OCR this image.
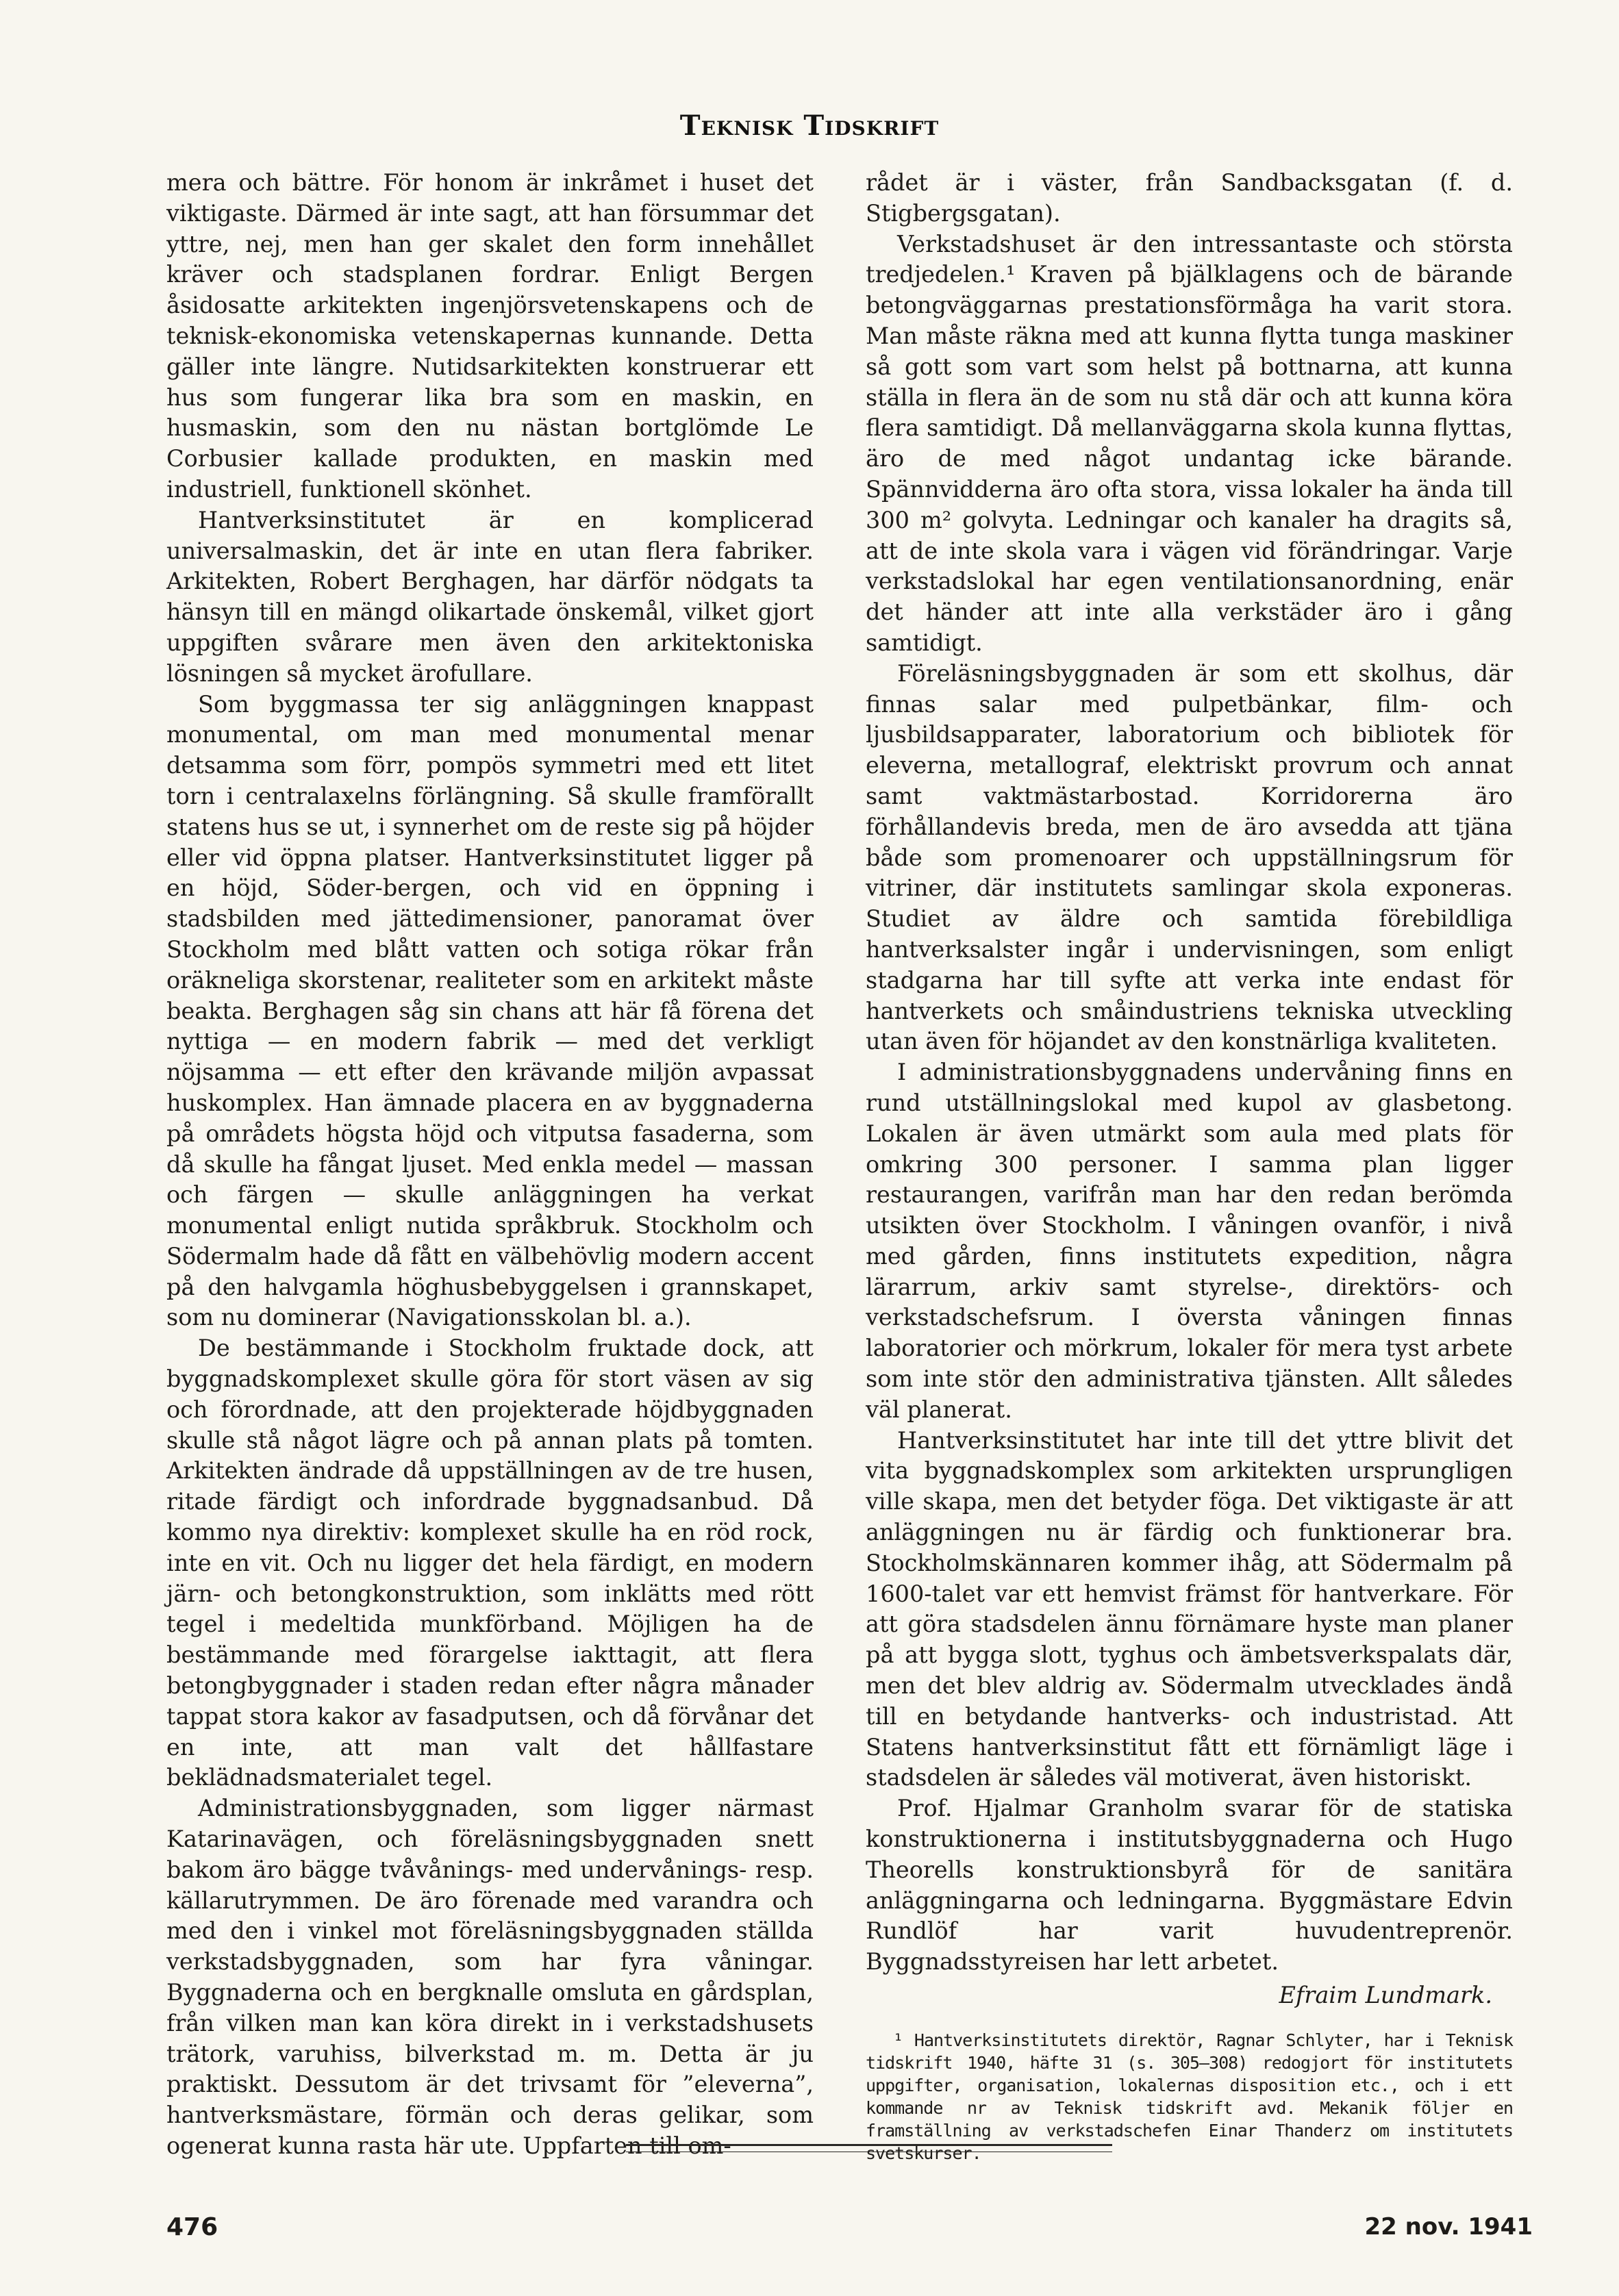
Teknisk Tidskrift

mera och bättre. För honom är inkråmet i huset det viktigaste. Därmed är inte sagt, att han försummar det yttre, nej, men han ger skalet den form innehållet kräver och stadsplanen fordrar. Enligt Bergen åsidosatte arkitekten ingenjörsvetenskapens och de teknisk-ekonomiska vetenskapernas kunnande. Detta gäller inte längre. Nutidsarkitekten konstruerar ett hus som fungerar lika bra som en maskin, en husmaskin, som den nu nästan bortglömde Le Corbusier kallade produkten, en maskin med industriell, funktionell skönhet.

Hantverksinstitutet är en komplicerad universalmaskin, det är inte en utan flera fabriker. Arkitekten, Robert Berghagen, har därför nödgats ta hänsyn till en mängd olikartade önskemål, vilket gjort uppgiften svårare men även den arkitektoniska lösningen så mycket ärofullare.

Som byggmassa ter sig anläggningen knappast monumental, om man med monumental menar detsamma som förr, pompös symmetri med ett litet torn i centralaxelns förlängning. Så skulle framförallt statens hus se ut, i synnerhet om de reste sig på höjder eller vid öppna platser. Hantverksinstitutet ligger på en höjd, Söder-bergen, och vid en öppning i stadsbilden med jättedimensioner, panoramat över Stockholm med blått vatten och sotiga rökar från oräkneliga skorstenar, realiteter som en arkitekt måste beakta. Berghagen såg sin chans att här få förena det nyttiga — en modern fabrik — med det verkligt nöjsamma — ett efter den krävande miljön avpassat huskomplex. Han ämnade placera en av byggnaderna på områdets högsta höjd och vitputsa fasaderna, som då skulle ha fångat ljuset. Med enkla medel — massan och färgen — skulle anläggningen ha verkat monumental enligt nutida språkbruk. Stockholm och Södermalm hade då fått en välbehövlig modern accent på den halvgamla höghusbebyggelsen i grannskapet, som nu dominerar (Navigationsskolan bl. a.).

De bestämmande i Stockholm fruktade dock, att byggnadskomplexet skulle göra för stort väsen av sig och förordnade, att den projekterade höjdbyggnaden skulle stå något lägre och på annan plats på tomten. Arkitekten ändrade då uppställningen av de tre husen, ritade färdigt och infordrade byggnadsanbud. Då kommo nya direktiv: komplexet skulle ha en röd rock, inte en vit. Och nu ligger det hela färdigt, en modern järn- och betongkonstruktion, som inklätts med rött tegel i medeltida munkförband. Möjligen ha de bestämmande med förargelse iakttagit, att flera betongbyggnader i staden redan efter några månader tappat stora kakor av fasadputsen, och då förvånar det en inte, att man valt det hållfastare beklädnadsmaterialet tegel.

Administrationsbyggnaden, som ligger närmast Katarinavägen, och föreläsningsbyggnaden snett bakom äro bägge tvåvånings- med undervånings- resp. källarutrymmen. De äro förenade med varandra och med den i vinkel mot föreläsningsbyggnaden ställda verkstadsbyggnaden, som har fyra våningar. Byggnaderna och en bergknalle omsluta en gårdsplan, från vilken man kan köra direkt in i verkstadshusets trätork, varuhiss, bilverkstad m. m. Detta är ju praktiskt. Dessutom är det trivsamt för ”eleverna”, hantverksmästare, förmän och deras gelikar, som ogenerat kunna rasta här ute. Uppfarten till om-

rådet är i väster, från Sandbacksgatan (f. d. Stigbergsgatan).

Verkstadshuset är den intressantaste och största tredjedelen.¹ Kraven på bjälklagens och de bärande betongväggarnas prestationsförmåga ha varit stora. Man måste räkna med att kunna flytta tunga maskiner så gott som vart som helst på bottnarna, att kunna ställa in flera än de som nu stå där och att kunna köra flera samtidigt. Då mellanväggarna skola kunna flyttas, äro de med något undantag icke bärande. Spännvidderna äro ofta stora, vissa lokaler ha ända till 300 m² golvyta. Ledningar och kanaler ha dragits så, att de inte skola vara i vägen vid förändringar. Varje verkstadslokal har egen ventilationsanordning, enär det händer att inte alla verkstäder äro i gång samtidigt.

Föreläsningsbyggnaden är som ett skolhus, där finnas salar med pulpetbänkar, film- och ljusbildsapparater, laboratorium och bibliotek för eleverna, metallograf, elektriskt provrum och annat samt vaktmästarbostad. Korridorerna äro förhållandevis breda, men de äro avsedda att tjäna både som promenoarer och uppställningsrum för vitriner, där institutets samlingar skola exponeras. Studiet av äldre och samtida förebildliga hantverksalster ingår i undervisningen, som enligt stadgarna har till syfte att verka inte endast för hantverkets och småindustriens tekniska utveckling utan även för höjandet av den konstnärliga kvaliteten.

I administrationsbyggnadens undervåning finns en rund utställningslokal med kupol av glasbetong. Lokalen är även utmärkt som aula med plats för omkring 300 personer. I samma plan ligger restaurangen, varifrån man har den redan berömda utsikten över Stockholm. I våningen ovanför, i nivå med gården, finns institutets expedition, några lärarrum, arkiv samt styrelse-, direktörs- och verkstadschefsrum. I översta våningen finnas laboratorier och mörkrum, lokaler för mera tyst arbete som inte stör den administrativa tjänsten. Allt således väl planerat.

Hantverksinstitutet har inte till det yttre blivit det vita byggnadskomplex som arkitekten ursprungligen ville skapa, men det betyder föga. Det viktigaste är att anläggningen nu är färdig och funktionerar bra. Stockholmskännaren kommer ihåg, att Södermalm på 1600-talet var ett hemvist främst för hantverkare. För att göra stadsdelen ännu förnämare hyste man planer på att bygga slott, tyghus och ämbetsverkspalats där, men det blev aldrig av. Södermalm utvecklades ändå till en betydande hantverks- och industristad. Att Statens hantverksinstitut fått ett förnämligt läge i stadsdelen är således väl motiverat, även historiskt.

Prof. Hjalmar Granholm svarar för de statiska konstruktionerna i institutsbyggnaderna och Hugo Theorells konstruktionsbyrå för de sanitära anläggningarna och ledningarna. Byggmästare Edvin Rundlöf har varit huvudentreprenör. Byggnadsstyreisen har lett arbetet.

Efraim Lundmark.

¹ Hantverksinstitutets direktör, Ragnar Schlyter, har i Teknisk tidskrift 1940, häfte 31 (s. 305—308) redogjort för institutets uppgifter, organisation, lokalernas disposition etc., och i ett kommande nr av Teknisk tidskrift avd. Mekanik följer en framställning av verkstadschefen Einar Thanderz om institutets svetskurser.

476	22 nov. 1941
